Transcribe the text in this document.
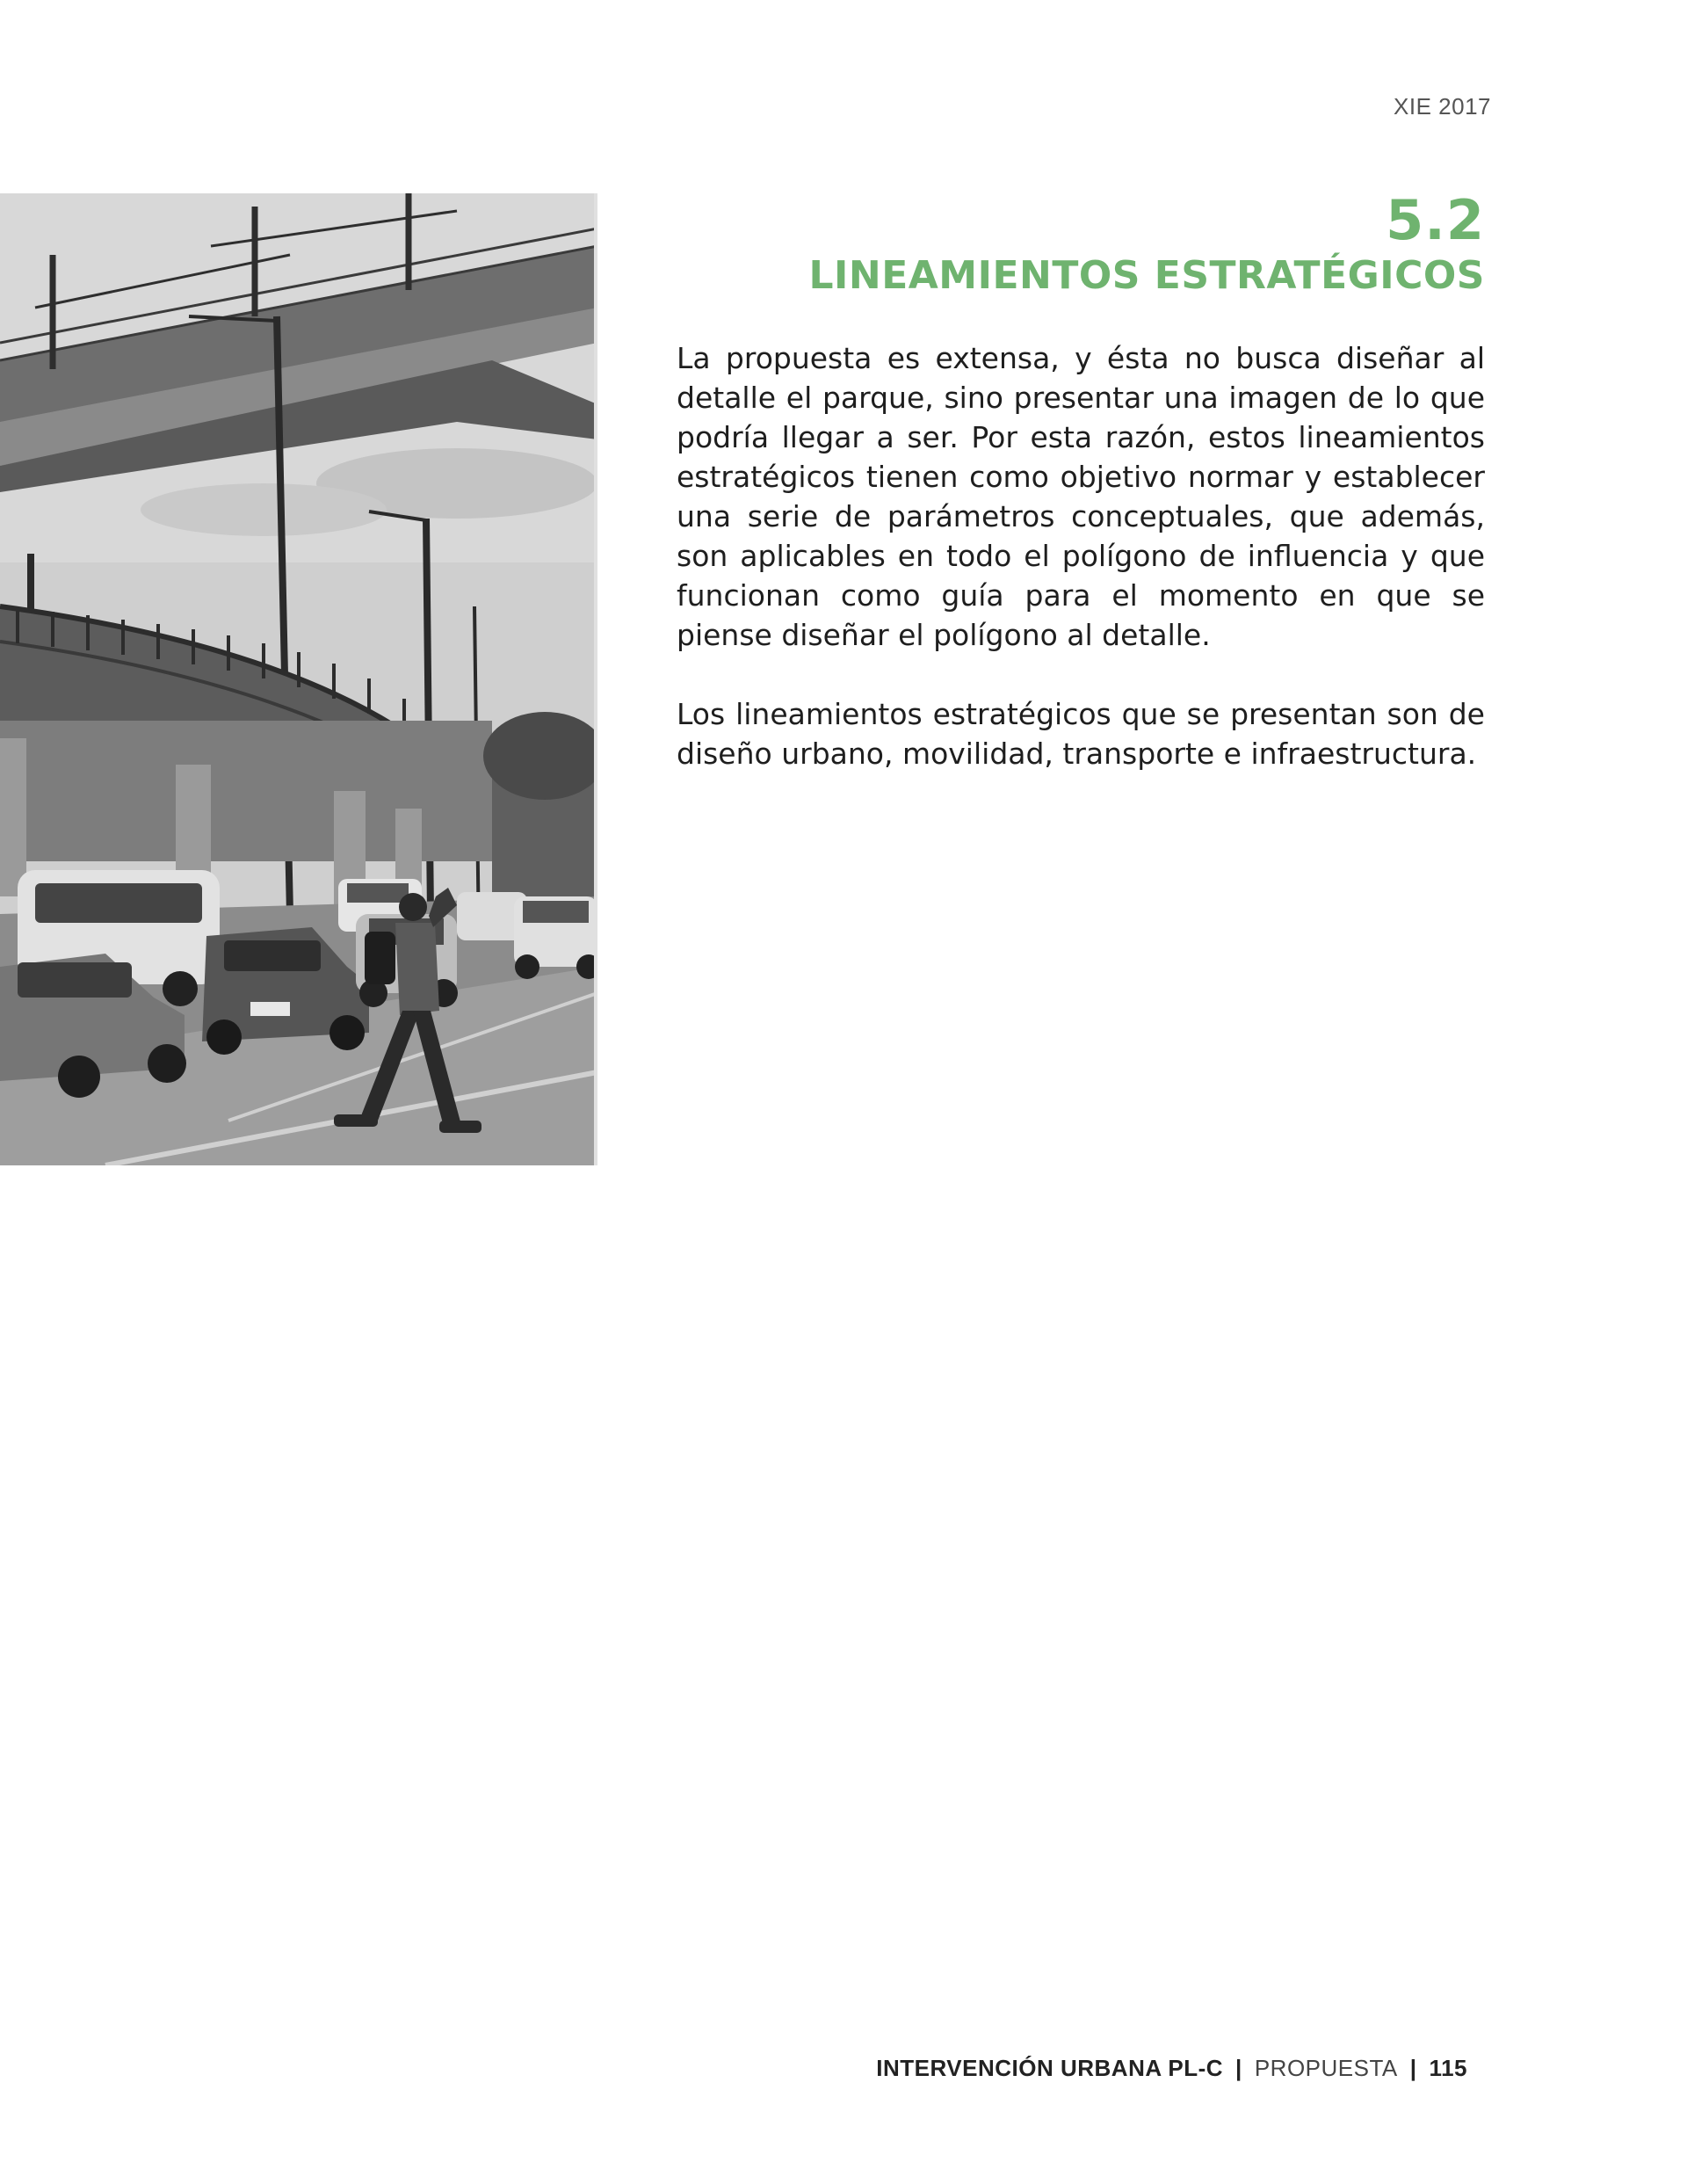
XIE 2017
5.2
LINEAMIENTOS ESTRATÉGICOS

La propuesta es extensa, y ésta no busca diseñar al detalle el parque, sino presentar una imagen de lo que podría llegar a ser. Por esta razón, estos lineamientos estratégicos tienen como objetivo normar y establecer una serie de parámetros conceptuales, que además, son aplicables en todo el polígono de influencia y que funcionan como guía para el momento en que se piense diseñar el polígono al detalle.

Los lineamientos estratégicos que se presentan son de diseño urbano, movilidad, transporte e infraestructura.

INTERVENCIÓN URBANA PL-C | PROPUESTA | 115
